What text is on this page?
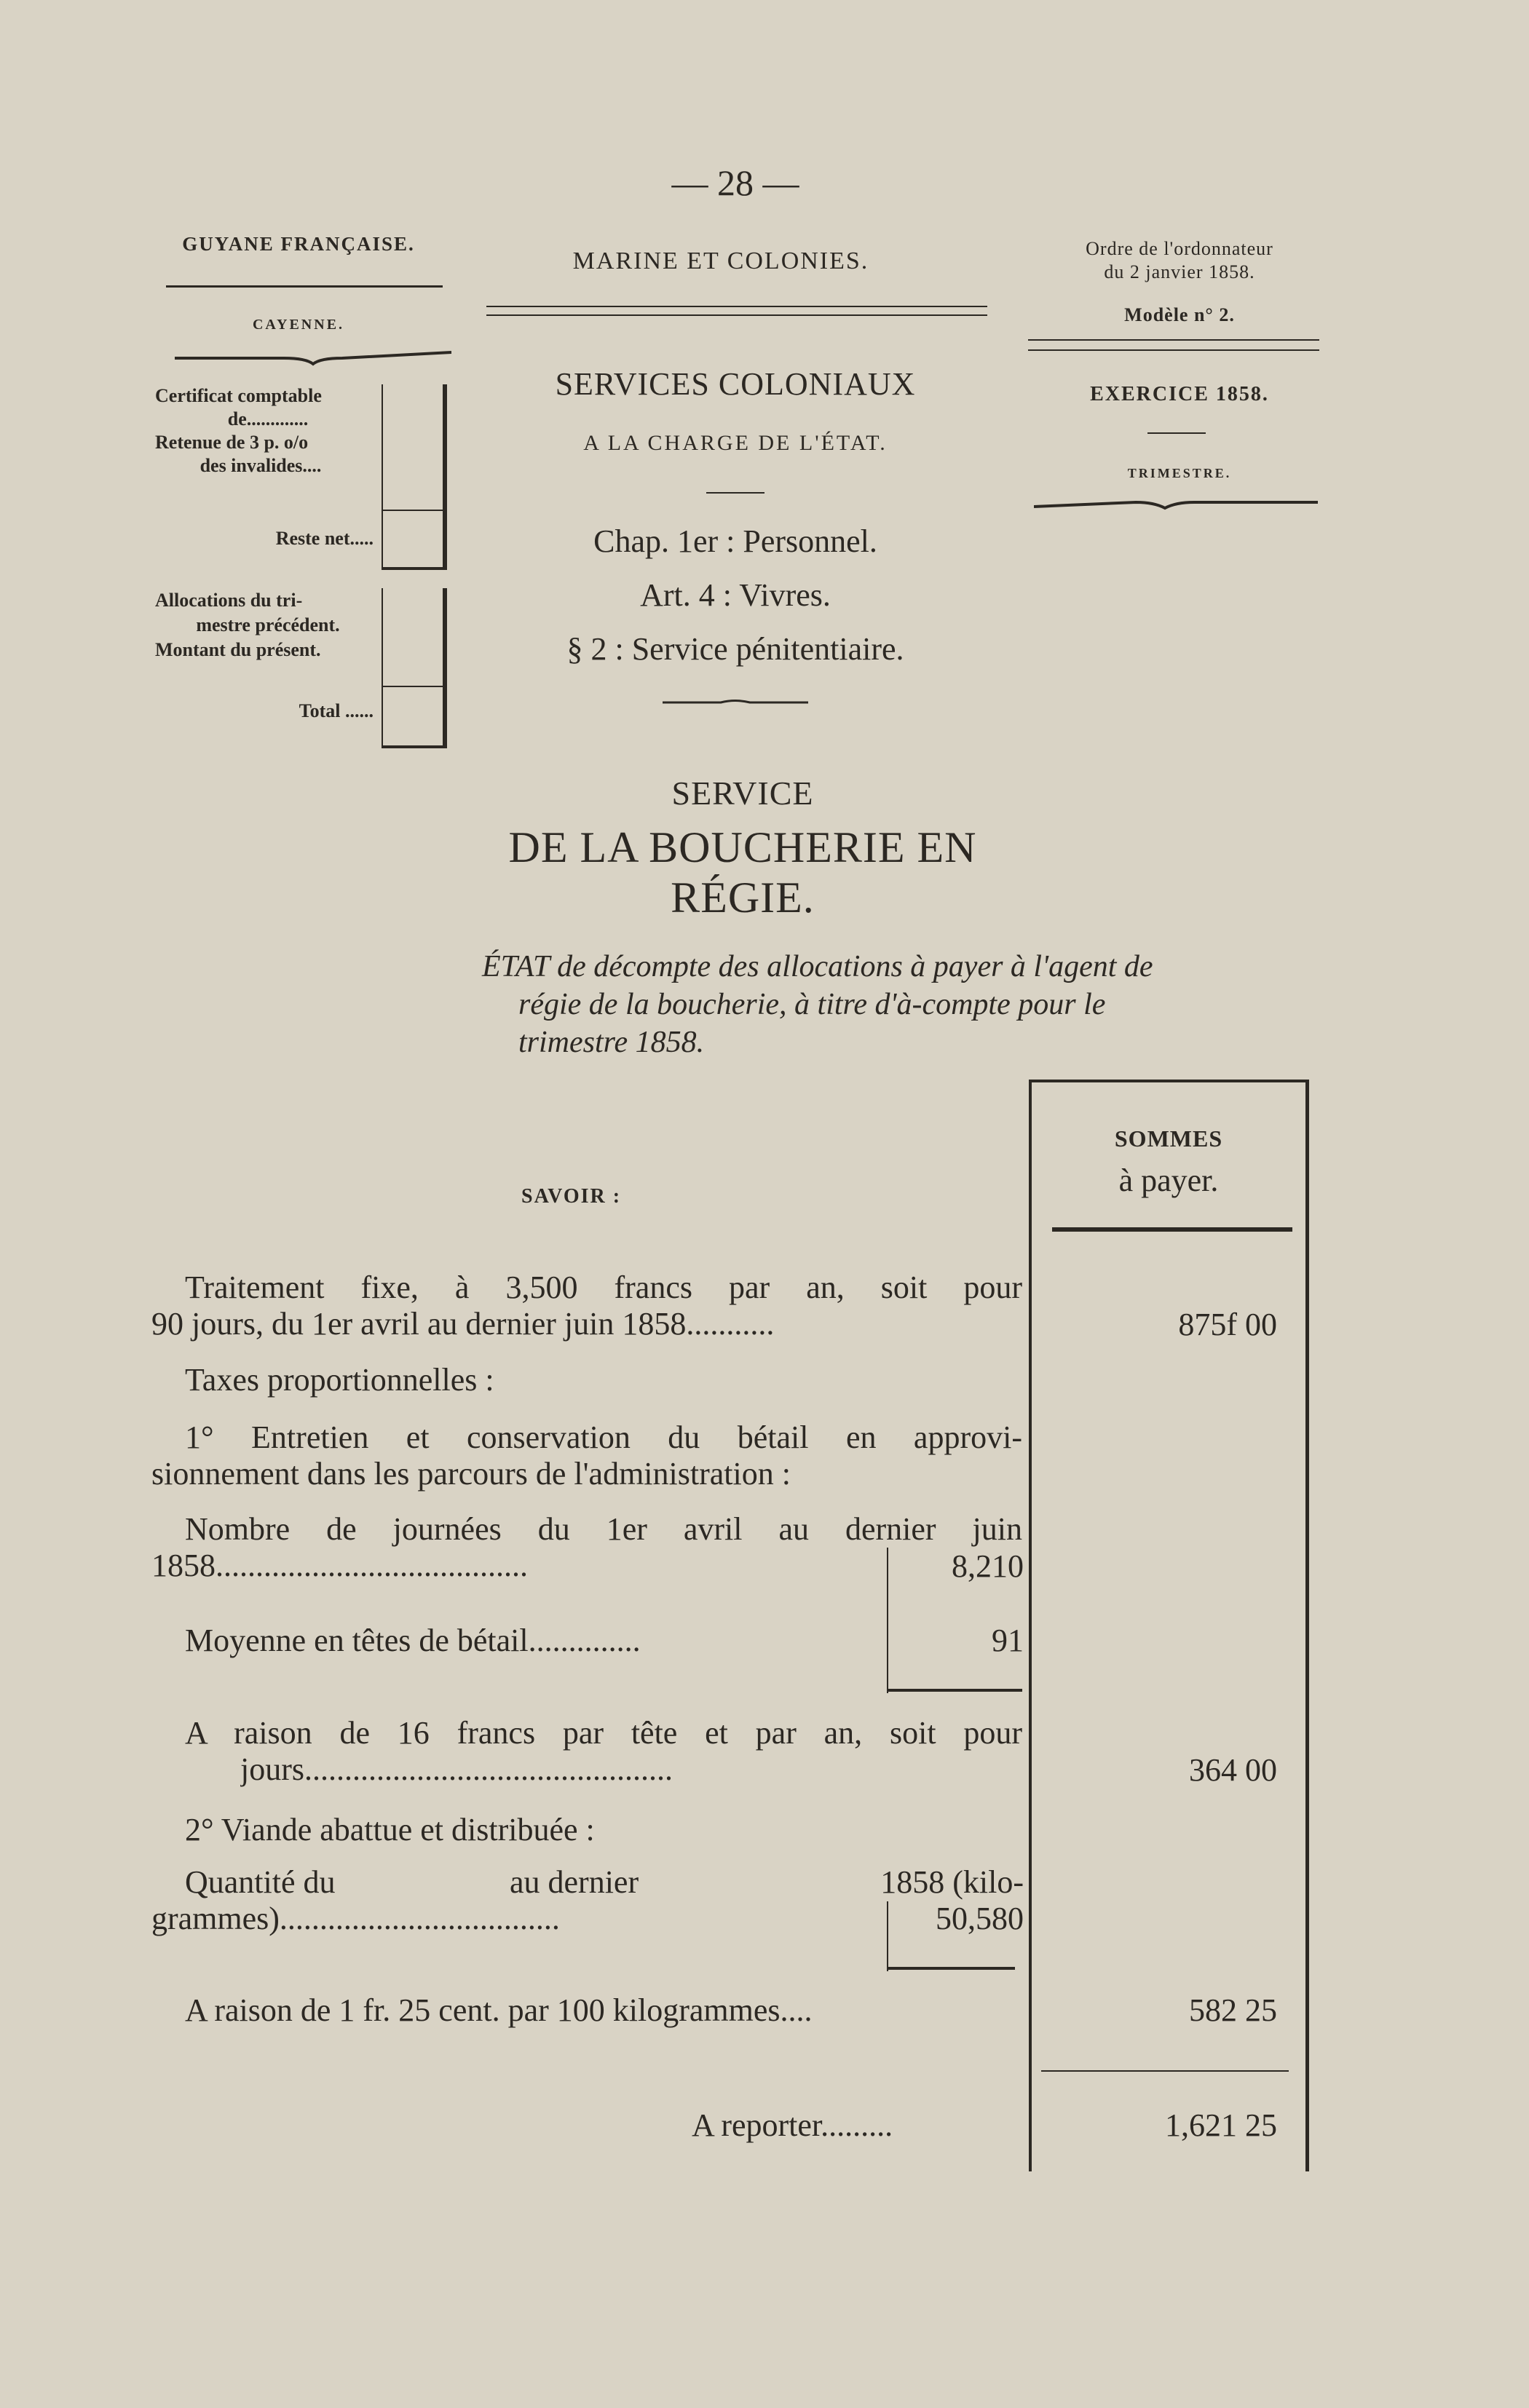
— 28 —
GUYANE FRANÇAISE.
CAYENNE.
Certificat comptable
de.............
Retenue de 3 p. o/o
des invalides....
Reste net.....
Allocations du tri-
mestre précédent.
Montant du présent.
Total ......
MARINE ET COLONIES.
SERVICES COLONIAUX
A LA CHARGE DE L'ÉTAT.
Chap. 1er : Personnel.
Art. 4 : Vivres.
§ 2 : Service pénitentiaire.
Ordre de l'ordonnateur
du 2 janvier 1858.
Modèle n° 2.
EXERCICE 1858.
TRIMESTRE.
SERVICE
DE LA BOUCHERIE EN RÉGIE.
ÉTAT de décompte des allocations à payer à l'agent de
régie de la boucherie, à titre d'à-compte pour le
trimestre 1858.
SAVOIR :
SOMMES
à payer.
Traitement fixe, à 3,500 francs par an, soit pour
90 jours, du 1er avril au dernier juin 1858...........	875f 00
Taxes proportionnelles :
1° Entretien et conservation du bétail en approvi-
sionnement dans les parcours de l'administration :
Nombre de journées du 1er avril au dernier juin
1858.......................................	8,210
Moyenne en têtes de bétail..............	91
A raison de 16 francs par tête et par an, soit pour
jours..............................................	364 00
2° Viande abattue et distribuée :
Quantité du	au dernier	1858 (kilo-
grammes)...................................	50,580
A raison de 1 fr. 25 cent. par 100 kilogrammes....	582 25
A reporter.........	1,621 25
